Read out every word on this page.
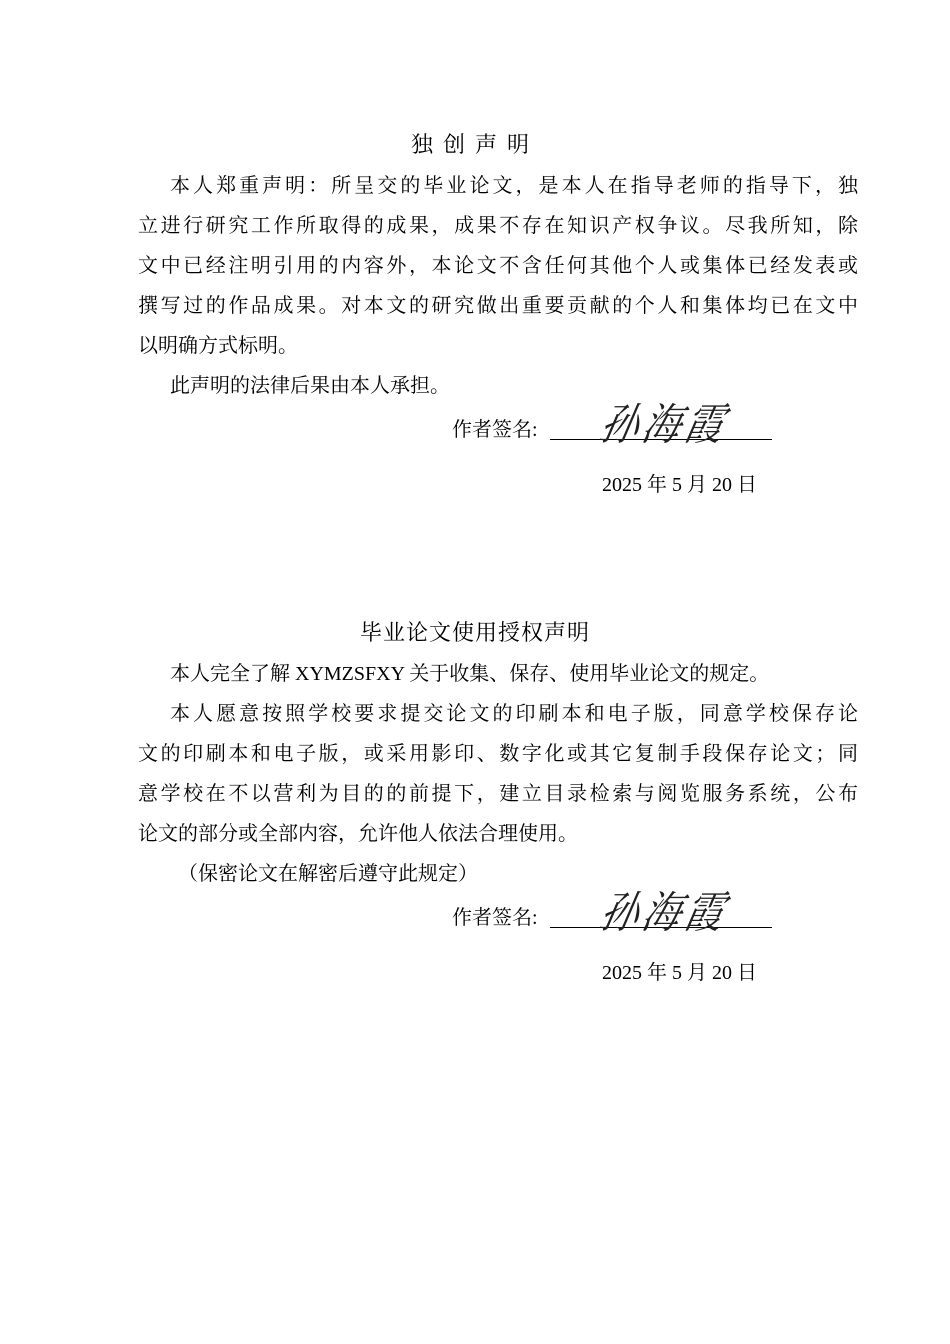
独创声明
本人郑重声明：所呈交的毕业论文，是本人在指导老师的指导下，独
立进行研究工作所取得的成果，成果不存在知识产权争议。尽我所知，除
文中已经注明引用的内容外，本论文不含任何其他个人或集体已经发表或
撰写过的作品成果。对本文的研究做出重要贡献的个人和集体均已在文中
以明确方式标明。
此声明的法律后果由本人承担。
作者签名: 孙海霞
2025 年 5 月 20 日
毕业论文使用授权声明
本人完全了解 XYMZSFXY 关于收集、保存、使用毕业论文的规定。
本人愿意按照学校要求提交论文的印刷本和电子版，同意学校保存论
文的印刷本和电子版，或采用影印、数字化或其它复制手段保存论文；同
意学校在不以营利为目的的前提下，建立目录检索与阅览服务系统，公布
论文的部分或全部内容，允许他人依法合理使用。
（保密论文在解密后遵守此规定）
作者签名: 孙海霞
2025 年 5 月 20 日
